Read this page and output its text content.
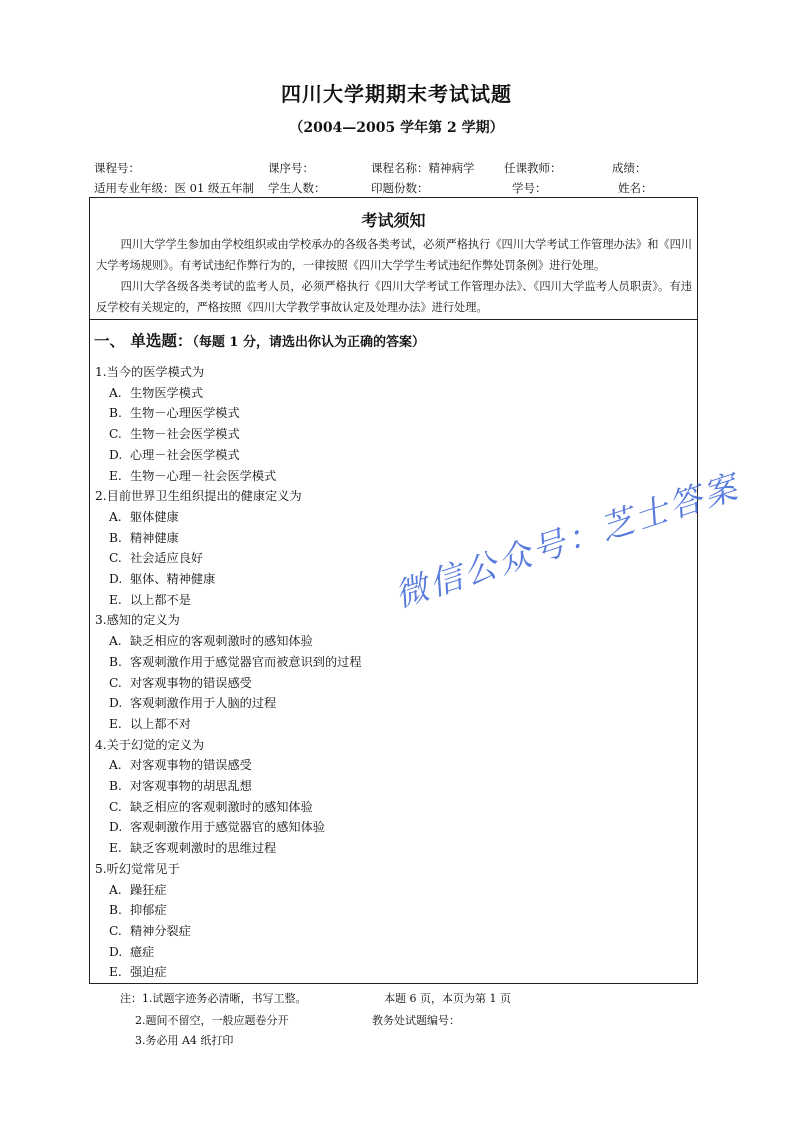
四川大学期期末考试试题
（2004—2005 学年第 2 学期）
课程号：	课序号：	课程名称：精神病学	任课教师：	成绩：
适用专业年级：医 01 级五年制 学生人数：	印题份数：	学号：	姓名：
考试须知
四川大学学生参加由学校组织或由学校承办的各级各类考试，必须严格执行《四川大学考试工作管理办法》和《四川大学考场规则》。有考试违纪作弊行为的，一律按照《四川大学学生考试违纪作弊处罚条例》进行处理。
四川大学各级各类考试的监考人员，必须严格执行《四川大学考试工作管理办法》、《四川大学监考人员职责》。有违反学校有关规定的，严格按照《四川大学教学事故认定及处理办法》进行处理。
一、 单选题：（每题 1 分，请选出你认为正确的答案）
1.当今的医学模式为
A. 生物医学模式
B. 生物－心理医学模式
C. 生物－社会医学模式
D. 心理－社会医学模式
E. 生物－心理－社会医学模式
2.目前世界卫生组织提出的健康定义为
A. 躯体健康
B. 精神健康
C. 社会适应良好
D. 躯体、精神健康
E. 以上都不是
3.感知的定义为
A. 缺乏相应的客观刺激时的感知体验
B. 客观刺激作用于感觉器官而被意识到的过程
C. 对客观事物的错误感受
D. 客观刺激作用于人脑的过程
E. 以上都不对
4.关于幻觉的定义为
A. 对客观事物的错误感受
B. 对客观事物的胡思乱想
C. 缺乏相应的客观刺激时的感知体验
D. 客观刺激作用于感觉器官的感知体验
E. 缺乏客观刺激时的思维过程
5.听幻觉常见于
A. 躁狂症
B. 抑郁症
C. 精神分裂症
D. 癔症
E. 强迫症
注：1.试题字迹务必清晰，书写工整。	本题 6 页，本页为第 1 页
2.题间不留空，一般应题卷分开	教务处试题编号：
3.务必用 A4 纸打印
微信公众号：芝士答案
